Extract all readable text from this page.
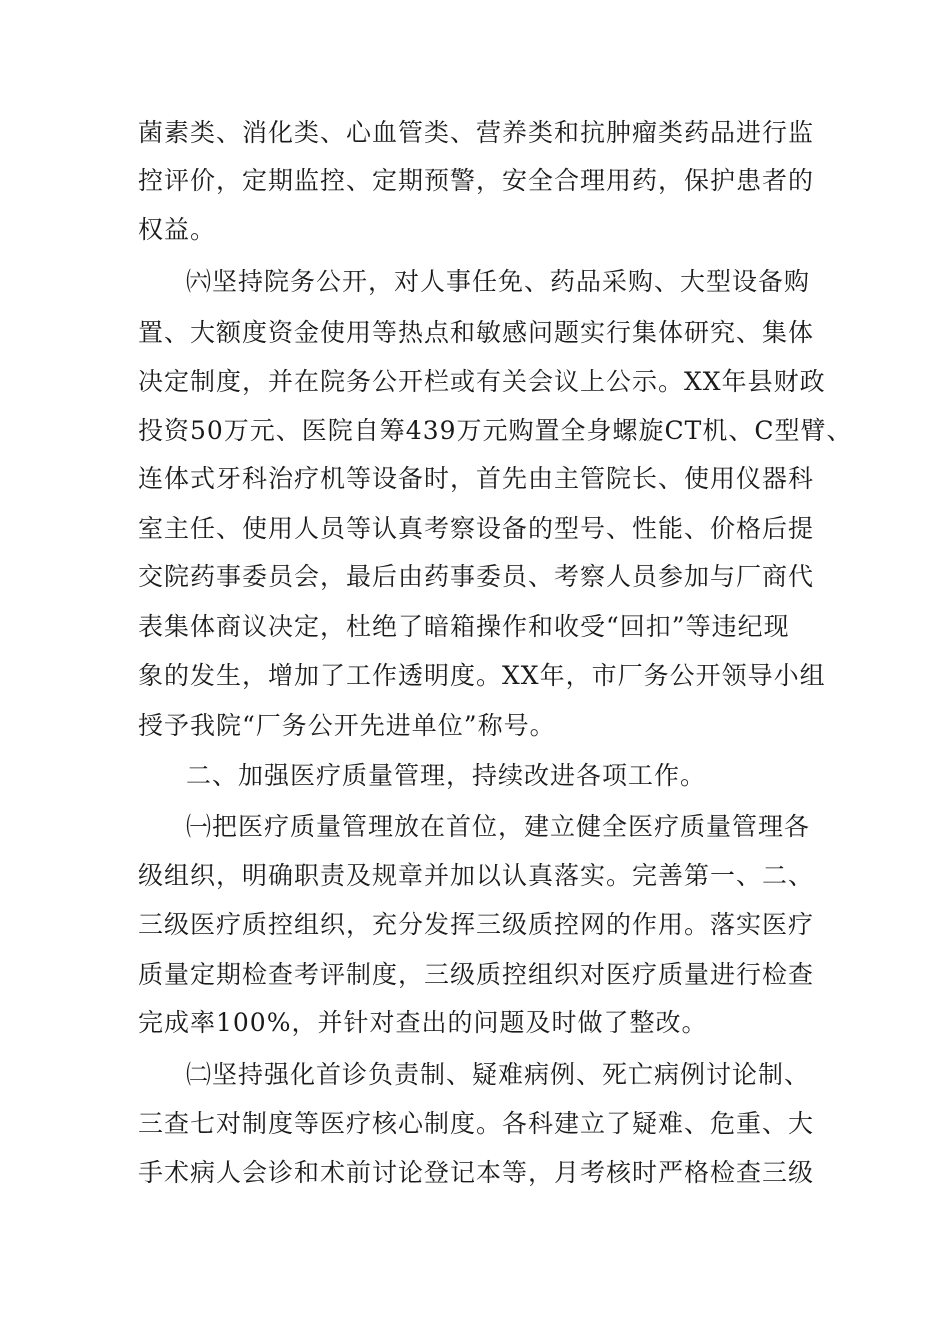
菌素类、消化类、心血管类、营养类和抗肿瘤类药品进行监
控评价，定期监控、定期预警，安全合理用药，保护患者的
权益。
㈥坚持院务公开，对人事任免、药品采购、大型设备购
置、大额度资金使用等热点和敏感问题实行集体研究、集体
决定制度，并在院务公开栏或有关会议上公示。XX年县财政
投资50万元、医院自筹439万元购置全身螺旋CT机、C型臂、
连体式牙科治疗机等设备时，首先由主管院长、使用仪器科
室主任、使用人员等认真考察设备的型号、性能、价格后提
交院药事委员会，最后由药事委员、考察人员参加与厂商代
表集体商议决定，杜绝了暗箱操作和收受“回扣”等违纪现
象的发生，增加了工作透明度。XX年，市厂务公开领导小组
授予我院“厂务公开先进单位”称号。
二、加强医疗质量管理，持续改进各项工作。
㈠把医疗质量管理放在首位，建立健全医疗质量管理各
级组织，明确职责及规章并加以认真落实。完善第一、二、
三级医疗质控组织，充分发挥三级质控网的作用。落实医疗
质量定期检查考评制度，三级质控组织对医疗质量进行检查
完成率100%，并针对查出的问题及时做了整改。
㈡坚持强化首诊负责制、疑难病例、死亡病例讨论制、
三查七对制度等医疗核心制度。各科建立了疑难、危重、大
手术病人会诊和术前讨论登记本等，月考核时严格检查三级
